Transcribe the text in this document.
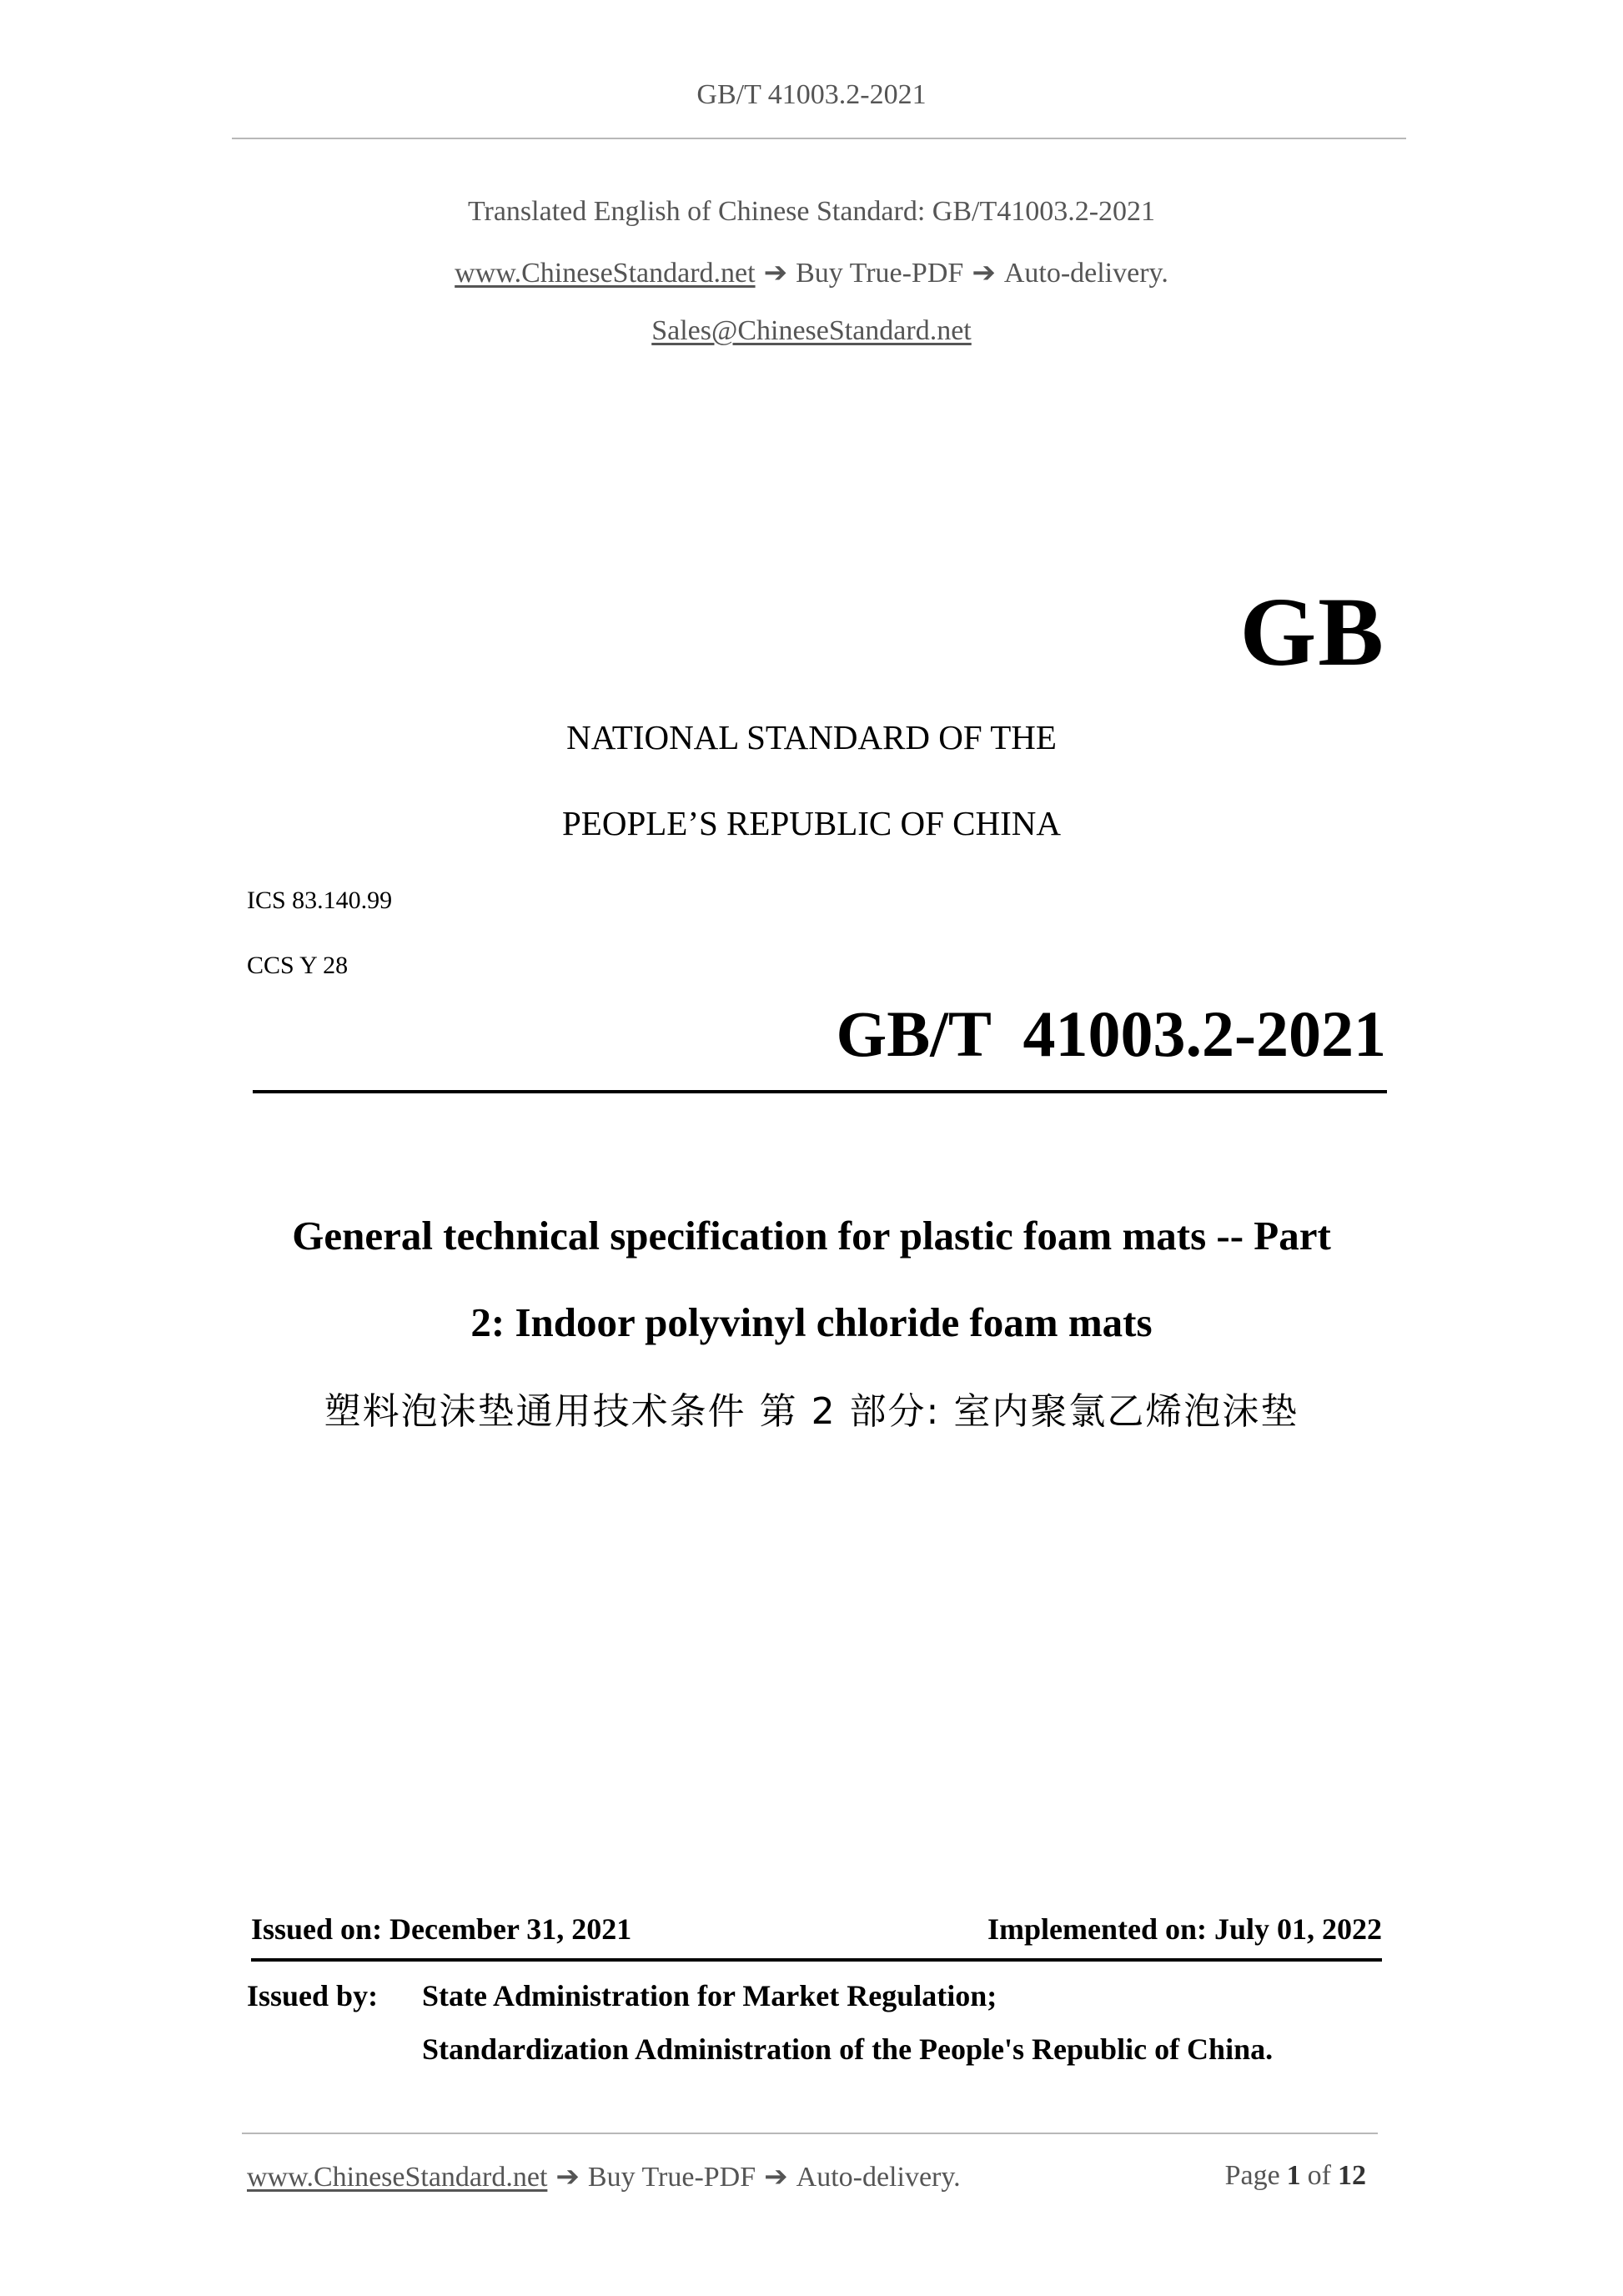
GB/T 41003.2-2021
Translated English of Chinese Standard: GB/T41003.2-2021
www.ChineseStandard.net ➔ Buy True-PDF ➔ Auto-delivery.
Sales@ChineseStandard.net
GB
NATIONAL STANDARD OF THE
PEOPLE’S REPUBLIC OF CHINA
ICS 83.140.99
CCS Y 28
GB/T  41003.2-2021
General technical specification for plastic foam mats -- Part
2: Indoor polyvinyl chloride foam mats
塑料泡沫垫通用技术条件 第 2 部分: 室内聚氯乙烯泡沫垫
Issued on: December 31, 2021	Implemented on: July 01, 2022
Issued by: State Administration for Market Regulation;
Standardization Administration of the People's Republic of China.
www.ChineseStandard.net ➔ Buy True-PDF ➔ Auto-delivery.	Page 1 of 12
